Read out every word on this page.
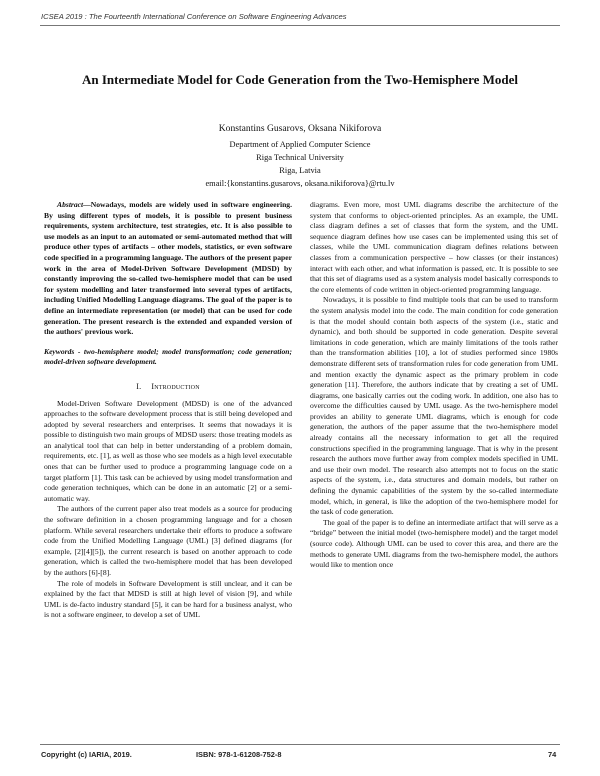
ICSEA 2019 : The Fourteenth International Conference on Software Engineering Advances
An Intermediate Model for Code Generation from the Two-Hemisphere Model
Konstantins Gusarovs, Oksana Nikiforova
Department of Applied Computer Science
Riga Technical University
Riga, Latvia
email:{konstantins.gusarovs, oksana.nikiforova}@rtu.lv

Abstract—Nowadays, models are widely used in software engineering. By using different types of models, it is possible to present business requirements, system architecture, test strategies, etc. It is also possible to use models as an input to an automated or semi-automated method that will produce other types of artifacts – other models, statistics, or even software code specified in a programming language. The authors of the present paper work in the area of Model-Driven Software Development (MDSD) by constantly improving the so-called two-hemisphere model that can be used for system modelling and later transformed into several types of artifacts, including Unified Modelling Language diagrams. The goal of the paper is to define an intermediate representation (or model) that can be used for code generation. The present research is the extended and expanded version of the authors' previous work.

Keywords - two-hemisphere model; model transformation; code generation; model-driven software development.

I. Introduction

Model-Driven Software Development (MDSD) is one of the advanced approaches to the software development process that is still being developed and adopted by several researchers and enterprises. It seems that nowadays it is possible to distinguish two main groups of MDSD users: those treating models as an analytical tool that can help in better understanding of a problem domain, requirements, etc. [1], as well as those who see models as a high level executable ones that can be further used to produce a programming language code on a target platform [1]. This task can be achieved by using model transformation and code generation techniques, which can be done in an automatic [2] or a semi-automatic way.

The authors of the current paper also treat models as a source for producing the software definition in a chosen programming language and for a chosen platform. While several researchers undertake their efforts to produce a software code from the Unified Modelling Language (UML) [3] defined diagrams (for example, [2][4][5]), the current research is based on another approach to code generation, which is called the two-hemisphere model that has been developed by the authors [6]-[8].

The role of models in Software Development is still unclear, and it can be explained by the fact that MDSD is still at high level of vision [9], and while UML is de-facto industry standard [5], it can be hard for a business analyst, who is not a software engineer, to develop a set of UML

diagrams. Even more, most UML diagrams describe the architecture of the system that conforms to object-oriented principles. As an example, the UML class diagram defines a set of classes that form the system, and the UML sequence diagram defines how use cases can be implemented using this set of classes, while the UML communication diagram defines relations between classes from a communication perspective – how classes (or their instances) interact with each other, and what information is passed, etc. It is possible to see that this set of diagrams used as a system analysis model basically corresponds to the core elements of code written in object-oriented programming language.

Nowadays, it is possible to find multiple tools that can be used to transform the system analysis model into the code. The main condition for code generation is that the model should contain both aspects of the system (i.e., static and dynamic), and both should be supported in code generation. Despite several limitations in code generation, which are mainly limitations of the tools rather than the transformation abilities [10], a lot of studies performed since 1980s demonstrate different sets of transformation rules for code generation from UML and mention exactly the dynamic aspect as the primary problem in code generation [11]. Therefore, the authors indicate that by creating a set of UML diagrams, one basically carries out the coding work. In addition, one also has to overcome the difficulties caused by UML usage. As the two-hemisphere model provides an ability to generate UML diagrams, which is enough for code generation, the authors of the paper assume that the two-hemisphere model already contains all the necessary information to get all the required constructions specified in the programming language. That is why in the present research the authors move further away from complex models specified in UML and use their own model. The research also attempts not to focus on the static aspects of the system, i.e., data structures and domain models, but rather on defining the dynamic capabilities of the system by the so-called intermediate model, which, in general, is like the adoption of the two-hemisphere model for the task of code generation.

The goal of the paper is to define an intermediate artifact that will serve as a “bridge” between the initial model (two-hemisphere model) and the target model (source code). Although UML can be used to cover this area, and there are the methods to generate UML diagrams from the two-hemisphere model, the authors would like to mention once

Copyright (c) IARIA, 2019.	ISBN: 978-1-61208-752-8	74
